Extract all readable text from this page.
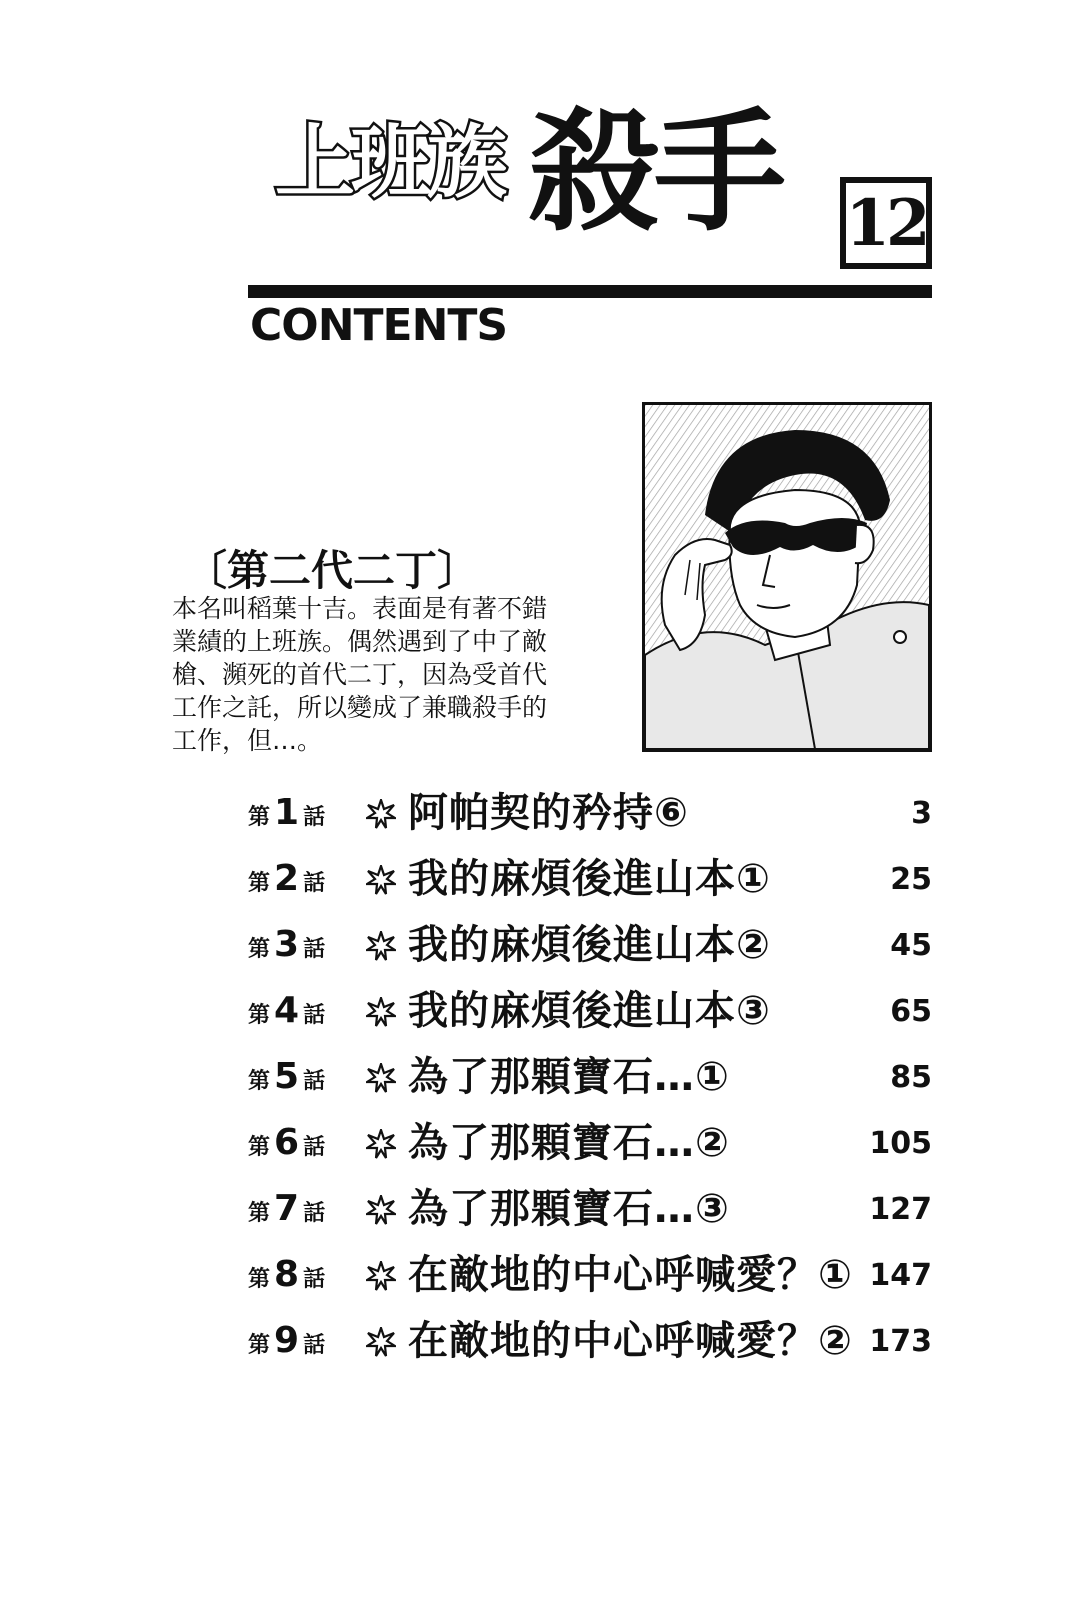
上班族 殺手 12
CONTENTS
〔第二代二丁〕
本名叫稻葉十吉。表面是有著不錯
業績的上班族。偶然遇到了中了敵
槍、瀕死的首代二丁，因為受首代
工作之託，所以變成了兼職殺手的
工作，但…。
第 1 話 阿帕契的矜持⑥	3
第 2 話 我的麻煩後進山本①	25
第 3 話 我的麻煩後進山本②	45
第 4 話 我的麻煩後進山本③	65
第 5 話 為了那顆寶石…①	85
第 6 話 為了那顆寶石…②	105
第 7 話 為了那顆寶石…③	127
第 8 話 在敵地的中心呼喊愛？① 147
第 9 話 在敵地的中心呼喊愛？② 173
